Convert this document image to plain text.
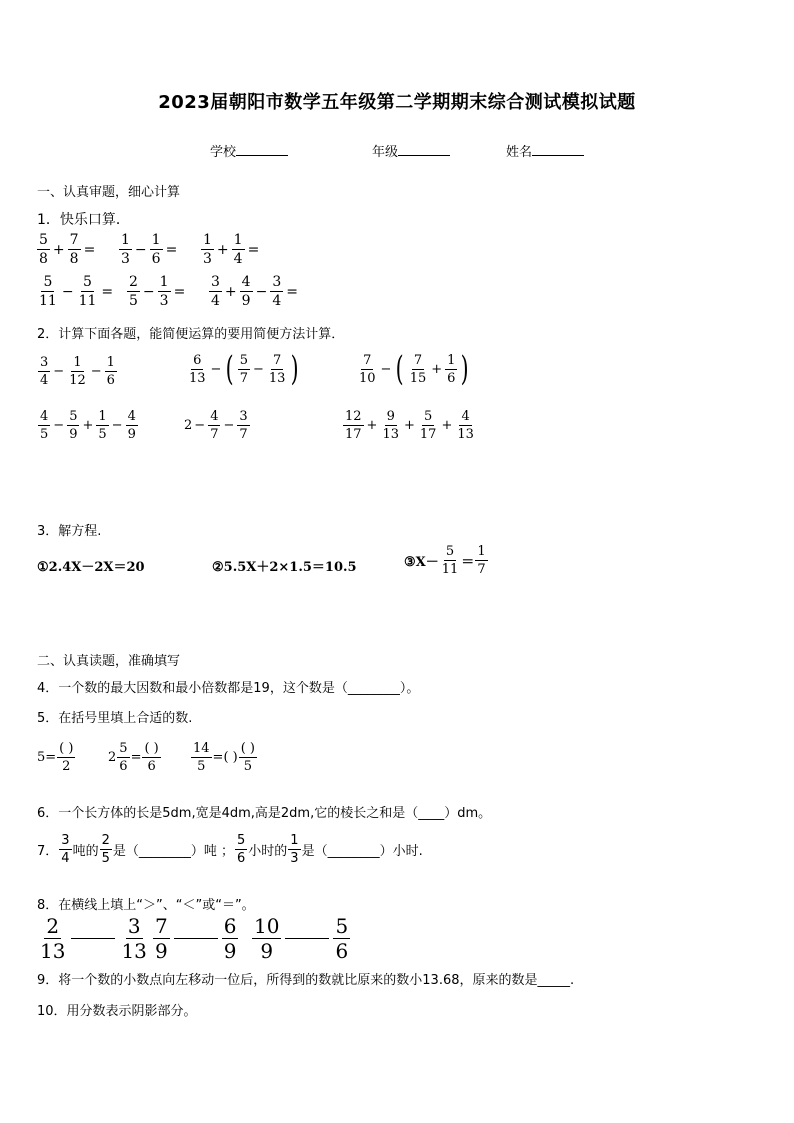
2023届朝阳市数学五年级第二学期期末综合测试模拟试题
学校	年级	姓名
一、认真审题，细心计算
1．快乐口算．
$\frac{5}{8} + \frac{7}{8} = \frac{1}{3} - \frac{1}{6} = \frac{1}{3} + \frac{1}{4}$ =
$\frac{5}{11} - \frac{5}{11} = \frac{2}{5} - \frac{1}{3} = \frac{3}{4} + \frac{4}{9} - \frac{3}{4}$ =
2．计算下面各题，能简便运算的要用简便方法计算．
$\frac{3}{4} - \frac{1}{12} - \frac{1}{6}$	$\frac{6}{13}$ − ( $\frac{5}{7} - \frac{7}{13}$ )	$\frac{7}{10}$ − ( $\frac{7}{15} + \frac{1}{6}$ )
$\frac{4}{5} - \frac{5}{9} + \frac{1}{5} - \frac{4}{9}$	$2 - \frac{4}{7} - \frac{3}{7}$	$\frac{12}{17} + \frac{9}{13} + \frac{5}{17} + \frac{4}{13}$
3．解方程.
①2.4X－2X＝20	②5.5X＋2×1.5＝10.5	③X－ $\frac{5}{11} = \frac{1}{7}$
二、认真读题，准确填写
4．一个数的最大因数和最小倍数都是19，这个数是（________）。
5．在括号里填上合适的数.
$5= \frac{( )}{2}$	$2 \frac{5}{6} = \frac{( )}{6} \frac{14}{5}$ =( ) $\frac{( )}{5}$
6．一个长方体的长是5dm,宽是4dm,高是2dm,它的棱长之和是（____）dm。
7． $\frac{3}{4}$ 吨的 $\frac{2}{5}$ 是（________）吨 ； $\frac{5}{6}$ 小时的 $\frac{1}{3}$ 是（________）小时.
8．在横线上填上“＞”、“＜”或“＝”。
$\frac{2}{13}$	$\frac{3}{13} \frac{7}{9}$	$\frac{6}{9} \frac{10}{9}$	$\frac{5}{6}$
9．将一个数的小数点向左移动一位后，所得到的数就比原来的数小13.68，原来的数是_____.
10．用分数表示阴影部分。
